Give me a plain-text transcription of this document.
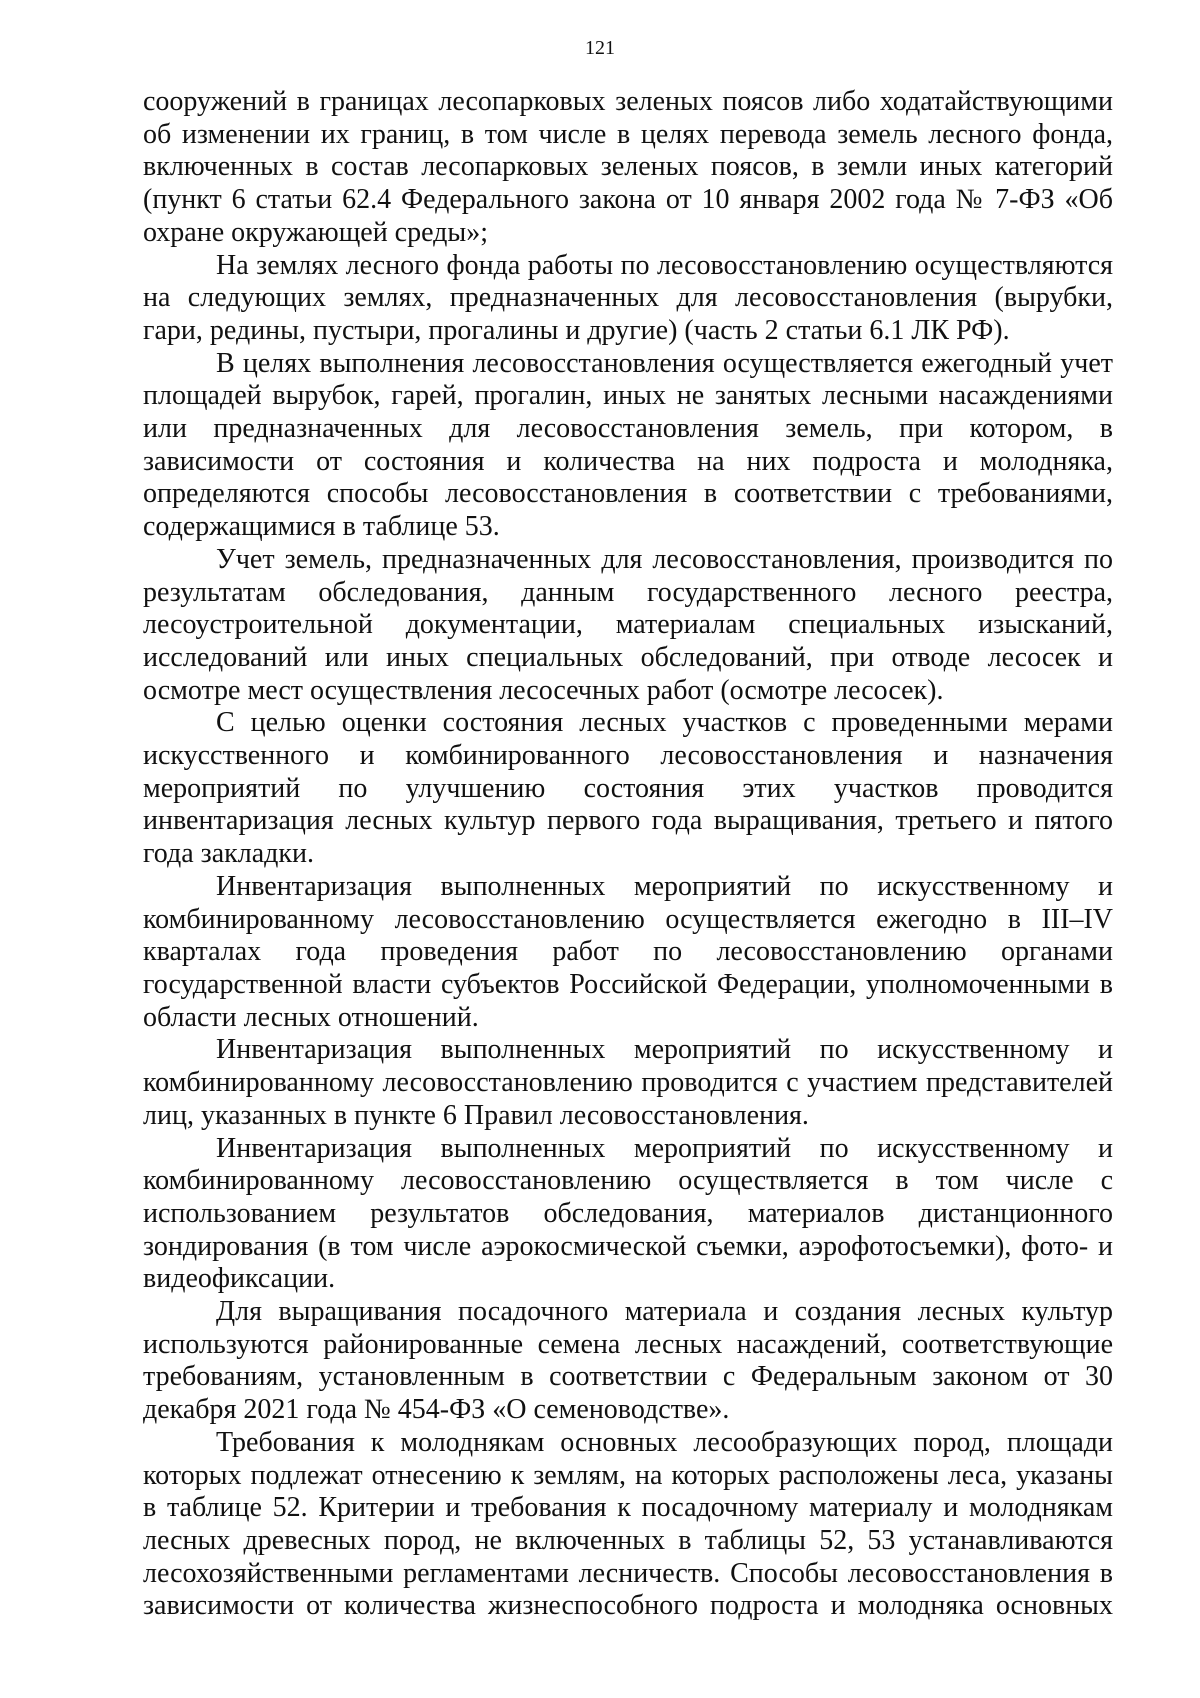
121

сооружений в границах лесопарковых зеленых поясов либо ходатайствующими об изменении их границ, в том числе в целях перевода земель лесного фонда, включенных в состав лесопарковых зеленых поясов, в земли иных категорий (пункт 6 статьи 62.4 Федерального закона от 10 января 2002 года № 7-ФЗ «Об охране окружающей среды»;

На землях лесного фонда работы по лесовосстановлению осуществляются на следующих землях, предназначенных для лесовосстановления (вырубки, гари, редины, пустыри, прогалины и другие) (часть 2 статьи 6.1 ЛК РФ).

В целях выполнения лесовосстановления осуществляется ежегодный учет площадей вырубок, гарей, прогалин, иных не занятых лесными насаждениями или предназначенных для лесовосстановления земель, при котором, в зависимости от состояния и количества на них подроста и молодняка, определяются способы лесовосстановления в соответствии с требованиями, содержащимися в таблице 53.

Учет земель, предназначенных для лесовосстановления, производится по результатам обследования, данным государственного лесного реестра, лесоустроительной документации, материалам специальных изысканий, исследований или иных специальных обследований, при отводе лесосек и осмотре мест осуществления лесосечных работ (осмотре лесосек).

С целью оценки состояния лесных участков с проведенными мерами искусственного и комбинированного лесовосстановления и назначения мероприятий по улучшению состояния этих участков проводится инвентаризация лесных культур первого года выращивания, третьего и пятого года закладки.

Инвентаризация выполненных мероприятий по искусственному и комбинированному лесовосстановлению осуществляется ежегодно в III–IV кварталах года проведения работ по лесовосстановлению органами государственной власти субъектов Российской Федерации, уполномоченными в области лесных отношений.

Инвентаризация выполненных мероприятий по искусственному и комбинированному лесовосстановлению проводится с участием представителей лиц, указанных в пункте 6 Правил лесовосстановления.

Инвентаризация выполненных мероприятий по искусственному и комбинированному лесовосстановлению осуществляется в том числе с использованием результатов обследования, материалов дистанционного зондирования (в том числе аэрокосмической съемки, аэрофотосъемки), фото- и видеофиксации.

Для выращивания посадочного материала и создания лесных культур используются районированные семена лесных насаждений, соответствующие требованиям, установленным в соответствии с Федеральным законом от 30 декабря 2021 года № 454-ФЗ «О семеноводстве».

Требования к молоднякам основных лесообразующих пород, площади которых подлежат отнесению к землям, на которых расположены леса, указаны в таблице 52. Критерии и требования к посадочному материалу и молоднякам лесных древесных пород, не включенных в таблицы 52, 53 устанавливаются лесохозяйственными регламентами лесничеств. Способы лесовосстановления в зависимости от количества жизнеспособного подроста и молодняка основных
